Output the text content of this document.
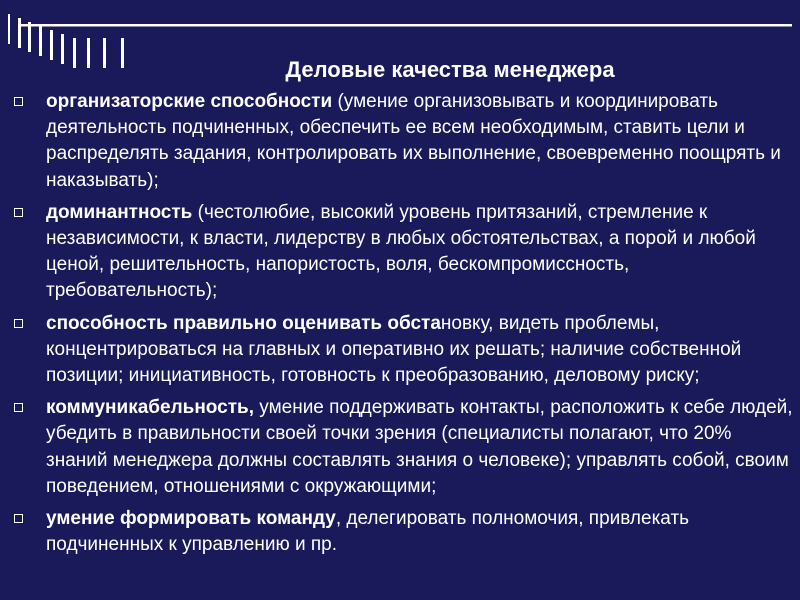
Деловые качества менеджера
организаторские способности (умение организовывать и координировать деятельность подчиненных, обеспечить ее всем необходимым, ставить цели и распределять задания, контролировать их выполнение, своевременно поощрять и наказывать);
доминантность (честолюбие, высокий уровень притязаний, стремление к независимости, к власти, лидерству в любых обстоятельствах, а порой и любой ценой, решительность, напористость, воля, бескомпромиссность, требовательность);
способность правильно оценивать обстановку, видеть проблемы, концентрироваться на главных и оперативно их решать; наличие собственной позиции; инициативность, готовность к преобразованию, деловому риску;
коммуникабельность, умение поддерживать контакты, расположить к себе людей, убедить в правильности своей точки зрения (специалисты полагают, что 20% знаний менеджера должны составлять знания о человеке); управлять собой, своим поведением, отношениями с окружающими;
умение формировать команду, делегировать полномочия, привлекать подчиненных к управлению и пр.
